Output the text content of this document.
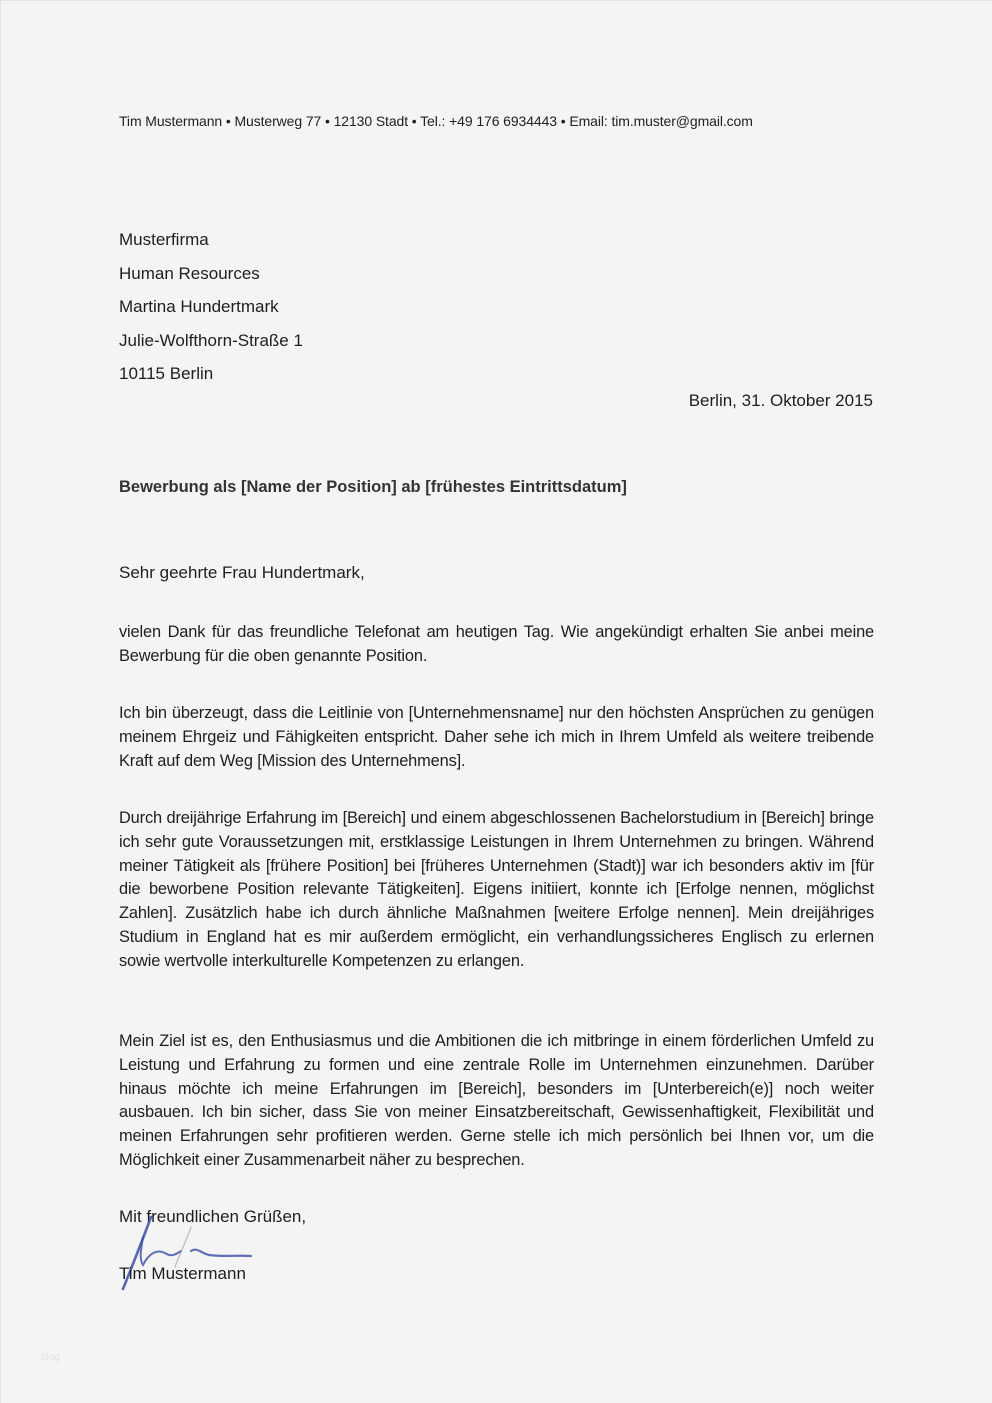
Tim Mustermann • Musterweg 77 • 12130 Stadt • Tel.: +49 176 6934443 • Email: tim.muster@gmail.com
Musterfirma
Human Resources
Martina Hundertmark
Julie-Wolfthorn-Straße 1
10115 Berlin
Berlin, 31. Oktober 2015
Bewerbung als [Name der Position] ab [frühestes Eintrittsdatum]
Sehr geehrte Frau Hundertmark,

vielen Dank für das freundliche Telefonat am heutigen Tag. Wie angekündigt erhalten Sie anbei meine Bewerbung für die oben genannte Position.

Ich bin überzeugt, dass die Leitlinie von [Unternehmensname] nur den höchsten Ansprüchen zu genügen meinem Ehrgeiz und Fähigkeiten entspricht. Daher sehe ich mich in Ihrem Umfeld als weitere treibende Kraft auf dem Weg [Mission des Unternehmens].

Durch dreijährige Erfahrung im [Bereich] und einem abgeschlossenen Bachelorstudium in [Bereich] bringe ich sehr gute Voraussetzungen mit, erstklassige Leistungen in Ihrem Unternehmen zu bringen. Während meiner Tätigkeit als [frühere Position] bei [früheres Unternehmen (Stadt)] war ich besonders aktiv im [für die beworbene Position relevante Tätigkeiten]. Eigens initiiert, konnte ich [Erfolge nennen, möglichst Zahlen]. Zusätzlich habe ich durch ähnliche Maßnahmen [weitere Erfolge nennen]. Mein dreijähriges Studium in England hat es mir außerdem ermöglicht, ein verhandlungssicheres Englisch zu erlernen sowie wertvolle interkulturelle Kompetenzen zu erlangen.

Mein Ziel ist es, den Enthusiasmus und die Ambitionen die ich mitbringe in einem förderlichen Umfeld zu Leistung und Erfahrung zu formen und eine zentrale Rolle im Unternehmen einzunehmen. Darüber hinaus möchte ich meine Erfahrungen im [Bereich], besonders im [Unterbereich(e)] noch weiter ausbauen. Ich bin sicher, dass Sie von meiner Einsatzbereitschaft, Gewissenhaftigkeit, Flexibilität und meinen Erfahrungen sehr profitieren werden. Gerne stelle ich mich persönlich bei Ihnen vor, um die Möglichkeit einer Zusammenarbeit näher zu besprechen.

Mit freundlichen Grüßen,
Tim Mustermann
blog
